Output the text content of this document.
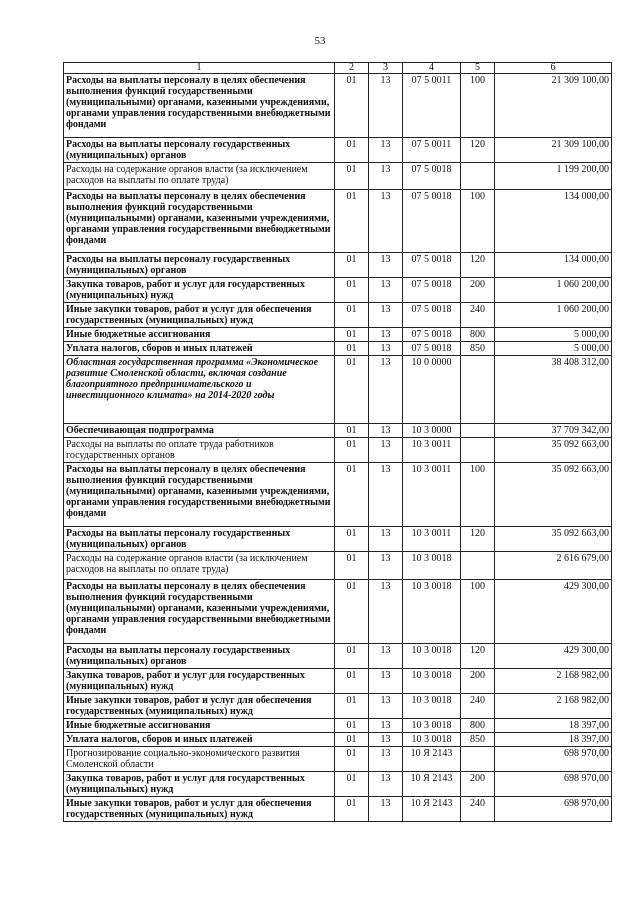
53
1	2	3	4	5	6
Расходы на выплаты персоналу в целях обеспечения выполнения функций государственными (муниципальными) органами, казенными учреждениями, органами управления государственными внебюджетными фондами	01	13	07 5 0011	100	21 309 100,00
Расходы на выплаты персоналу государственных (муниципальных) органов	01	13	07 5 0011	120	21 309 100,00
Расходы на содержание органов власти (за исключением расходов на выплаты по оплате труда)	01	13	07 5 0018		1 199 200,00
Расходы на выплаты персоналу в целях обеспечения выполнения функций государственными (муниципальными) органами, казенными учреждениями, органами управления государственными внебюджетными фондами	01	13	07 5 0018	100	134 000,00
Расходы на выплаты персоналу государственных (муниципальных) органов	01	13	07 5 0018	120	134 000,00
Закупка товаров, работ и услуг для государственных (муниципальных) нужд	01	13	07 5 0018	200	1 060 200,00
Иные закупки товаров, работ и услуг для обеспечения государственных (муниципальных) нужд	01	13	07 5 0018	240	1 060 200,00
Иные бюджетные ассигнования	01	13	07 5 0018	800	5 000,00
Уплата налогов, сборов и иных платежей	01	13	07 5 0018	850	5 000,00
Областная государственная программа «Экономическое развитие Смоленской области, включая создание благоприятного предпринимательского и инвестиционного климата» на 2014-2020 годы	01	13	10 0 0000		38 408 312,00
Обеспечивающая подпрограмма	01	13	10 3 0000		37 709 342,00
Расходы на выплаты по оплате труда работников государственных органов	01	13	10 3 0011		35 092 663,00
Расходы на выплаты персоналу в целях обеспечения выполнения функций государственными (муниципальными) органами, казенными учреждениями, органами управления государственными внебюджетными фондами	01	13	10 3 0011	100	35 092 663,00
Расходы на выплаты персоналу государственных (муниципальных) органов	01	13	10 3 0011	120	35 092 663,00
Расходы на содержание органов власти (за исключением расходов на выплаты по оплате труда)	01	13	10 3 0018		2 616 679,00
Расходы на выплаты персоналу в целях обеспечения выполнения функций государственными (муниципальными) органами, казенными учреждениями, органами управления государственными внебюджетными фондами	01	13	10 3 0018	100	429 300,00
Расходы на выплаты персоналу государственных (муниципальных) органов	01	13	10 3 0018	120	429 300,00
Закупка товаров, работ и услуг для государственных (муниципальных) нужд	01	13	10 3 0018	200	2 168 982,00
Иные закупки товаров, работ и услуг для обеспечения государственных (муниципальных) нужд	01	13	10 3 0018	240	2 168 982,00
Иные бюджетные ассигнования	01	13	10 3 0018	800	18 397,00
Уплата налогов, сборов и иных платежей	01	13	10 3 0018	850	18 397,00
Прогнозирование социально-экономического развития Смоленской области	01	13	10 Я 2143		698 970,00
Закупка товаров, работ и услуг для государственных (муниципальных) нужд	01	13	10 Я 2143	200	698 970,00
Иные закупки товаров, работ и услуг для обеспечения государственных (муниципальных) нужд	01	13	10 Я 2143	240	698 970,00
